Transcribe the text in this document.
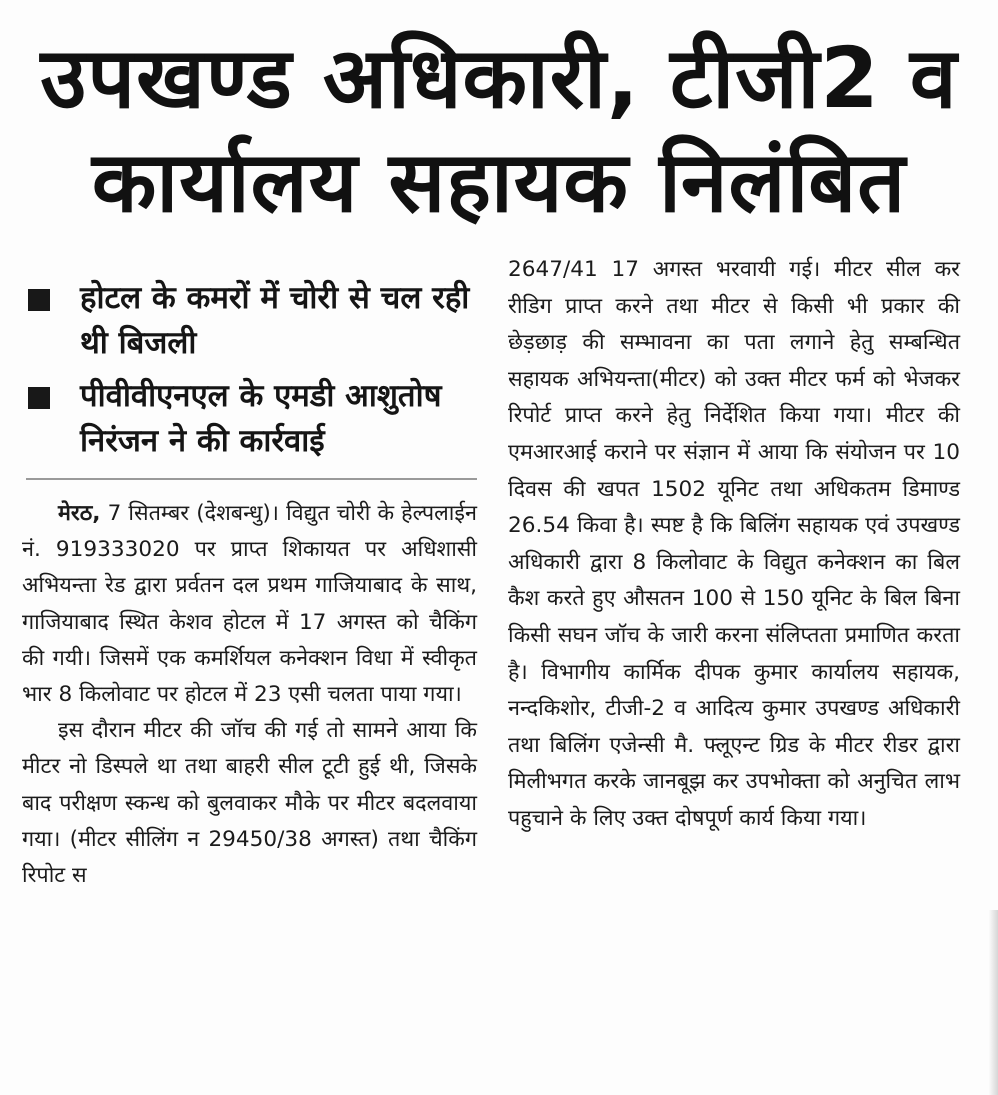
उपखण्ड अधिकारी, टीजी2 व
कार्यालय सहायक निलंबित
होटल के कमरों में चोरी से चल रही थी बिजली
पीवीवीएनएल के एमडी आशुतोष निरंजन ने की कार्रवाई

मेरठ, 7 सितम्बर (देशबन्धु)। विद्युत चोरी के हेल्पलाईन नं. 919333020 पर प्राप्त शिकायत पर अधिशासी अभियन्ता रेड द्वारा प्रर्वतन दल प्रथम गाजियाबाद के साथ, गाजियाबाद स्थित केशव होटल में 17 अगस्त को चैकिंग की गयी। जिसमें एक कमर्शियल कनेक्शन विधा में स्वीकृत भार 8 किलोवाट पर होटल में 23 एसी चलता पाया गया।

इस दौरान मीटर की जॉच की गई तो सामने आया कि मीटर नो डिस्पले था तथा बाहरी सील टूटी हुई थी, जिसके बाद परीक्षण स्कन्ध को बुलवाकर मौके पर मीटर बदलवाया गया। (मीटर सीलिंग न 29450/38 अगस्त) तथा चैकिंग रिपोट स

2647/41 17 अगस्त भरवायी गई। मीटर सील कर रीडिग प्राप्त करने तथा मीटर से किसी भी प्रकार की छेड़छाड़ की सम्भावना का पता लगाने हेतु सम्बन्धित सहायक अभियन्ता(मीटर) को उक्त मीटर फर्म को भेजकर रिपोर्ट प्राप्त करने हेतु निर्देशित किया गया। मीटर की एमआरआई कराने पर संज्ञान में आया कि संयोजन पर 10 दिवस की खपत 1502 यूनिट तथा अधिकतम डिमाण्ड 26.54 किवा है। स्पष्ट है कि बिलिंग सहायक एवं उपखण्ड अधिकारी द्वारा 8 किलोवाट के विद्युत कनेक्शन का बिल कैश करते हुए औसतन 100 से 150 यूनिट के बिल बिना किसी सघन जॉच के जारी करना संलिप्तता प्रमाणित करता है। विभागीय कार्मिक दीपक कुमार कार्यालय सहायक, नन्दकिशोर, टीजी-2 व आदित्य कुमार उपखण्ड अधिकारी तथा बिलिंग एजेन्सी मै. फ्लूएन्ट ग्रिड के मीटर रीडर द्वारा मिलीभगत करके जानबूझ कर उपभोक्ता को अनुचित लाभ पहुचाने के लिए उक्त दोषपूर्ण कार्य किया गया।
